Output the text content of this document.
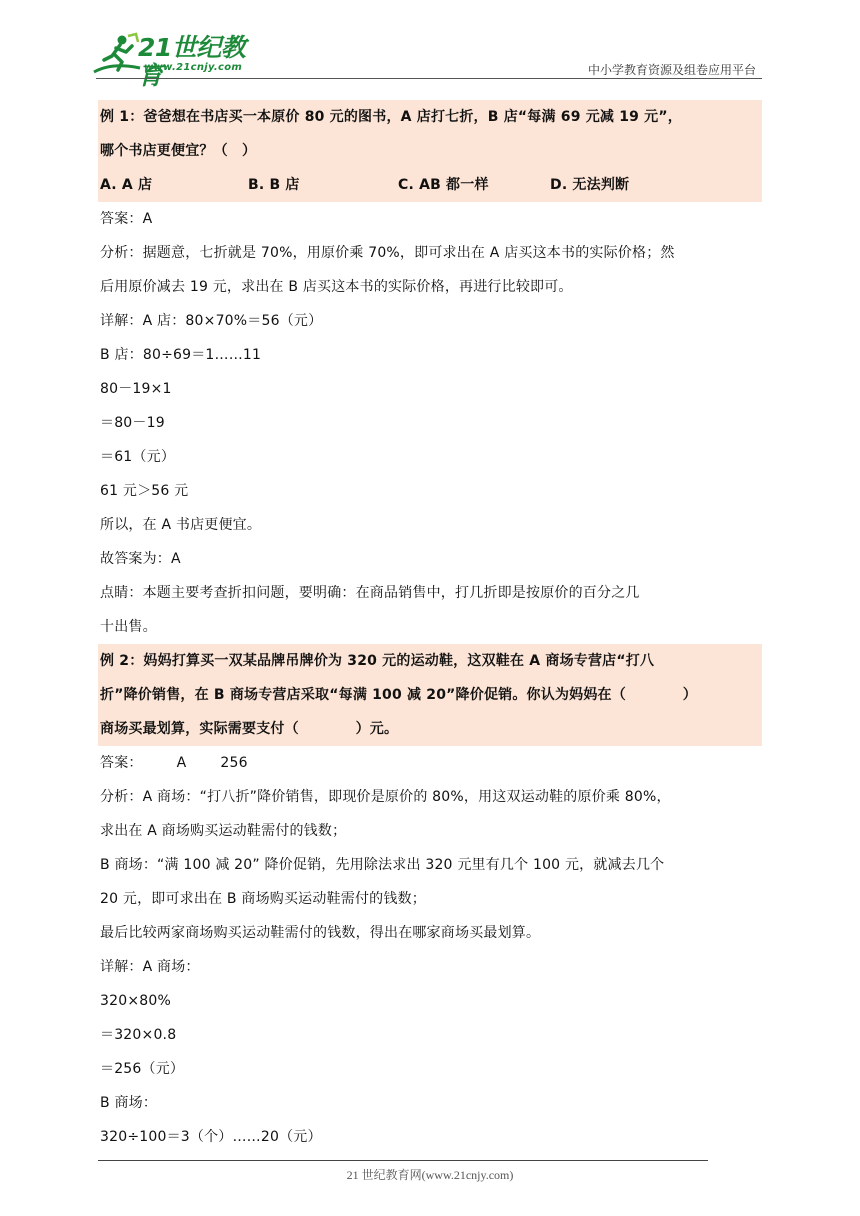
21世纪教育
www.21cnjy.com	中小学教育资源及组卷应用平台
例 1：爸爸想在书店买一本原价 80 元的图书，A 店打七折，B 店“每满 69 元减 19 元”，
哪个书店更便宜？（　）
A. A 店	B. B 店	C. AB 都一样	D. 无法判断
答案：A
分析：据题意，七折就是 70%，用原价乘 70%，即可求出在 A 店买这本书的实际价格；然
后用原价减去 19 元，求出在 B 店买这本书的实际价格，再进行比较即可。
详解：A 店：80×70%＝56（元）
B 店：80÷69＝1……11
80－19×1
＝80－19
＝61（元）
61 元＞56 元
所以，在 A 书店更便宜。
故答案为：A
点睛：本题主要考查折扣问题，要明确：在商品销售中，打几折即是按原价的百分之几
十出售。
例 2：妈妈打算买一双某品牌吊牌价为 320 元的运动鞋，这双鞋在 A 商场专营店“打八
折”降价销售，在 B 商场专营店采取“每满 100 减 20”降价促销。你认为妈妈在（　　　　）
商场买最划算，实际需要支付（　　　　）元。
答案： A 256
分析：A 商场：“打八折”降价销售，即现价是原价的 80%，用这双运动鞋的原价乘 80%，
求出在 A 商场购买运动鞋需付的钱数；
B 商场：“满 100 减 20” 降价促销，先用除法求出 320 元里有几个 100 元，就减去几个
20 元，即可求出在 B 商场购买运动鞋需付的钱数；
最后比较两家商场购买运动鞋需付的钱数，得出在哪家商场买最划算。
详解：A 商场：
320×80%
＝320×0.8
＝256（元）
B 商场：
320÷100＝3（个）……20（元）
21 世纪教育网(www.21cnjy.com)
